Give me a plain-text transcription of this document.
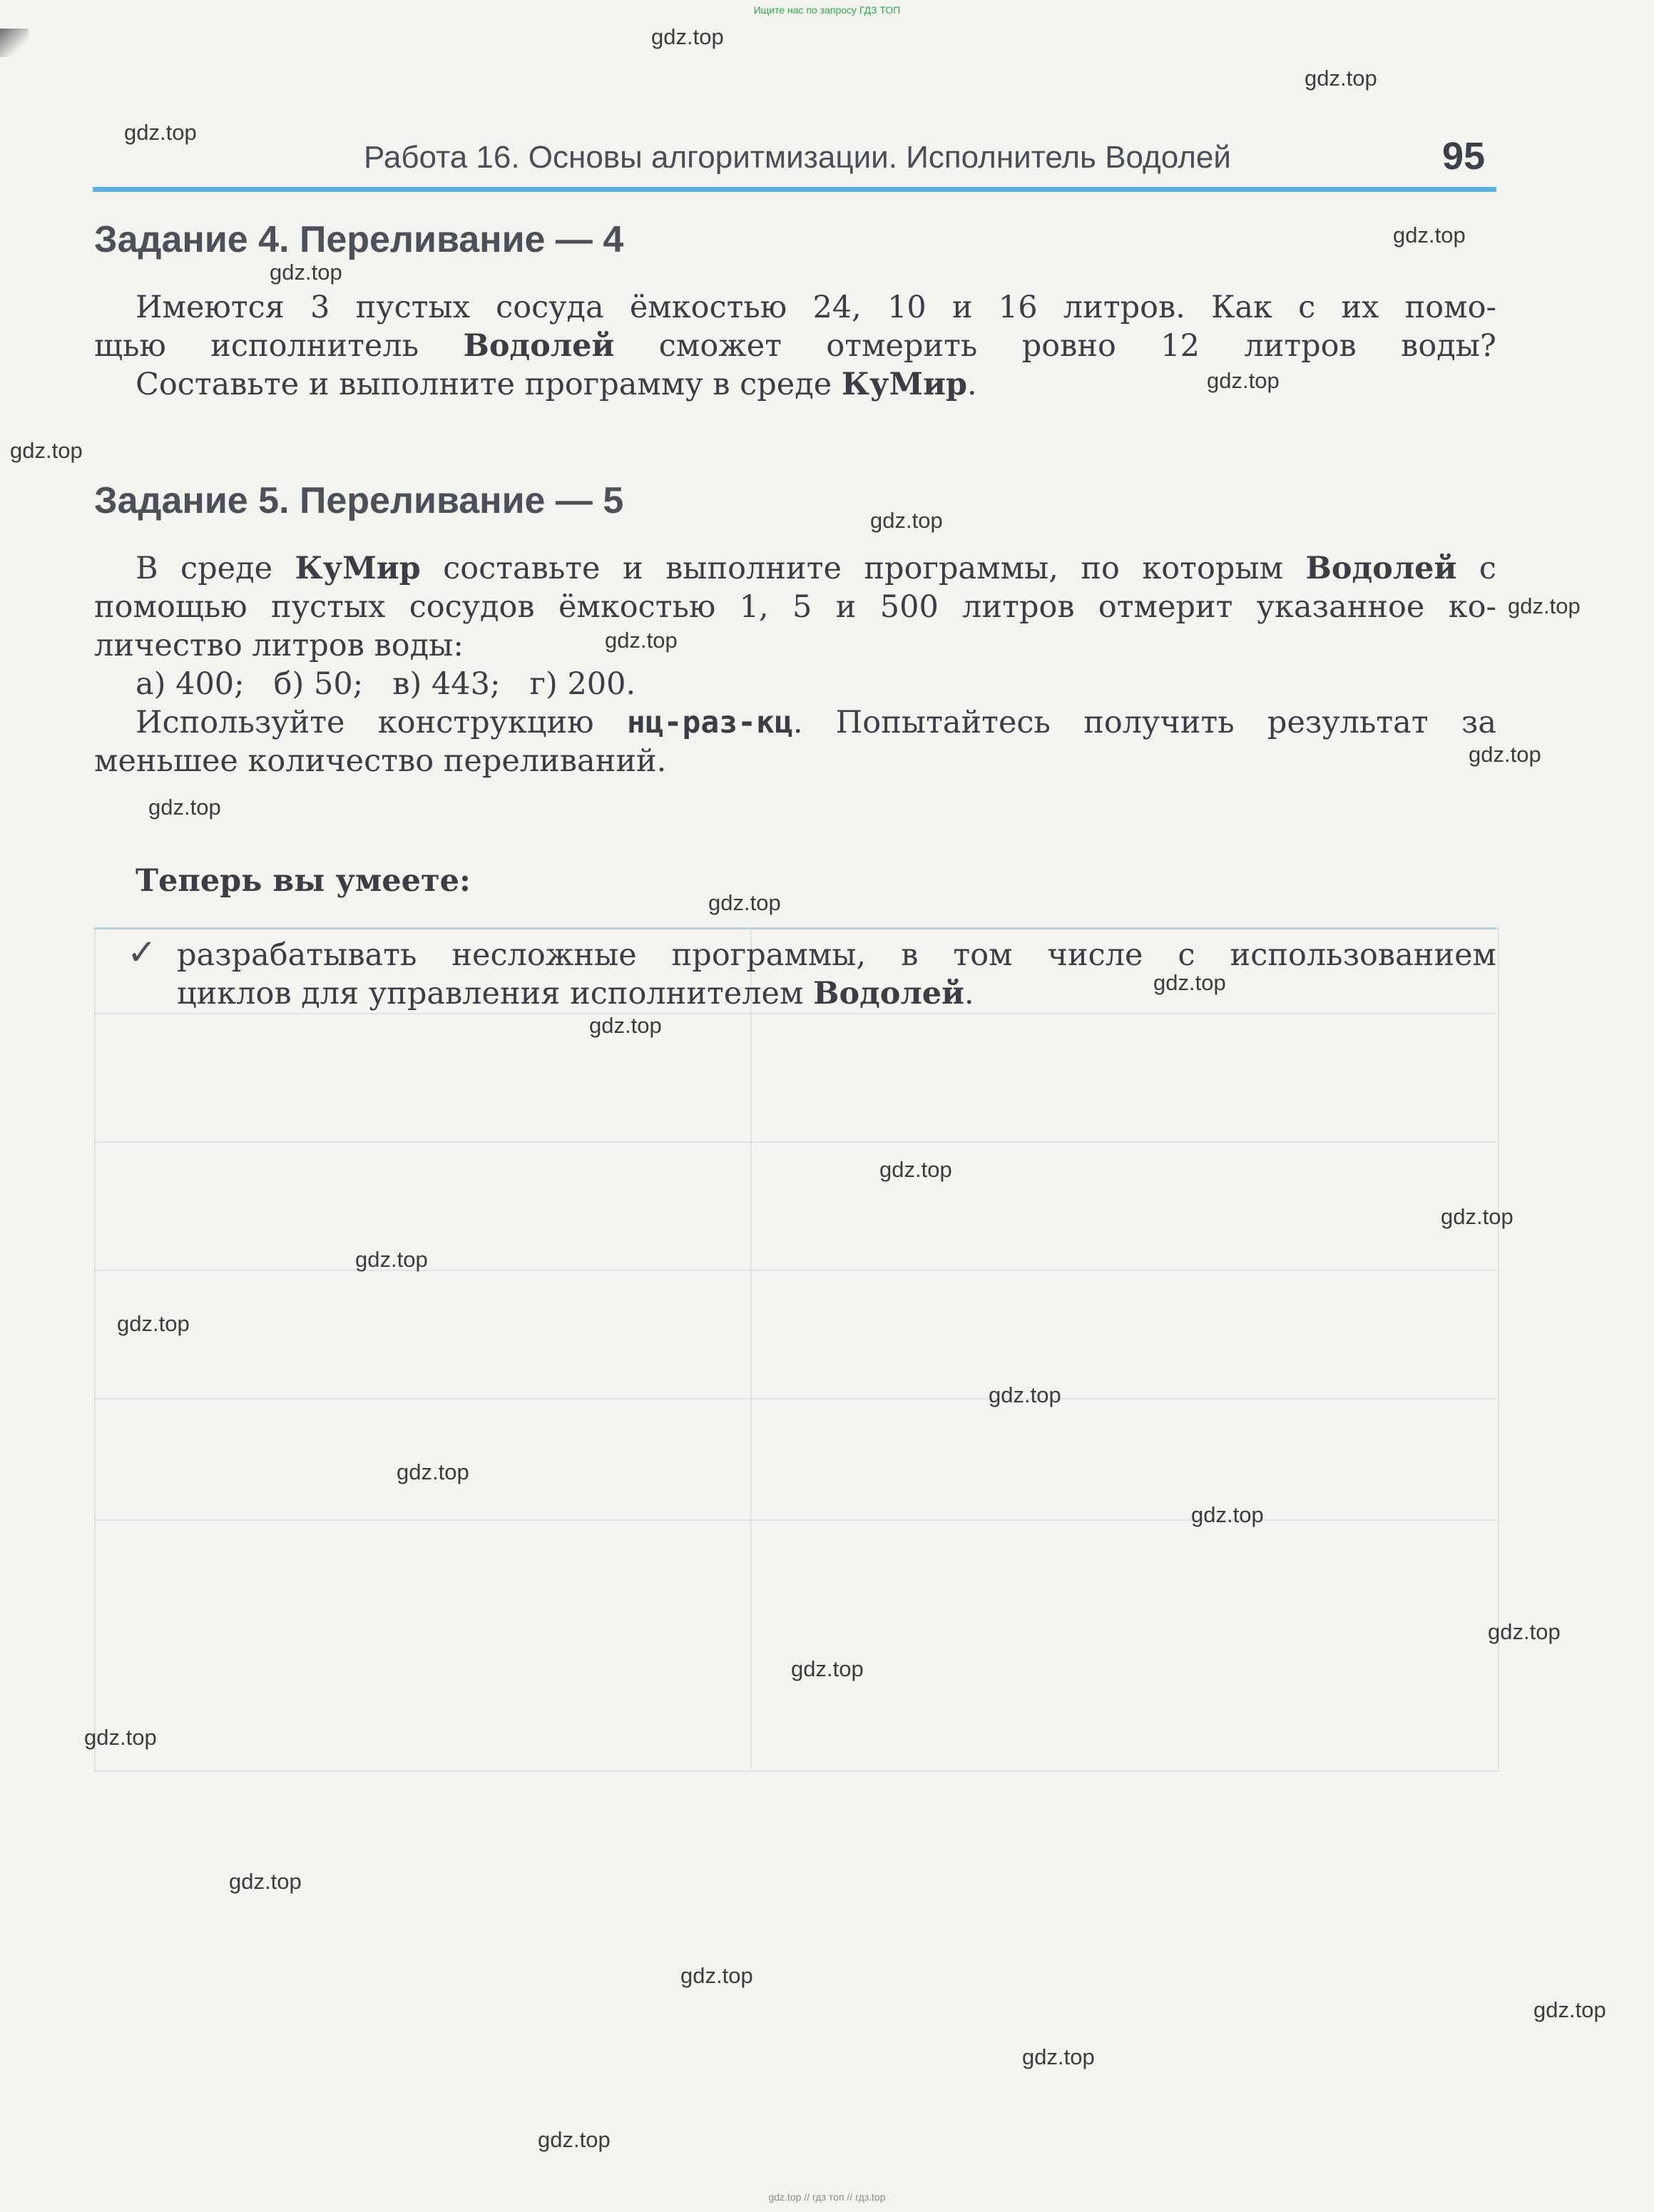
Ищите нас по запросу ГДЗ ТОП
Работа 16. Основы алгоритмизации. Исполнитель Водолей	95
Задание 4. Переливание — 4
Имеются 3 пустых сосуда ёмкостью 24, 10 и 16 литров. Как с их помо-
щью исполнитель Водолей сможет отмерить ровно 12 литров воды?
Составьте и выполните программу в среде КуМир.
Задание 5. Переливание — 5
В среде КуМир составьте и выполните программы, по которым Водолей с
помощью пустых сосудов ёмкостью 1, 5 и 500 литров отмерит указанное ко-
личество литров воды:
а) 400; б) 50; в) 443; г) 200.
Используйте конструкцию нц-раз-кц. Попытайтесь получить результат за
меньшее количество переливаний.
Теперь вы умеете:
✓ разрабатывать несложные программы, в том числе с использованием
циклов для управления исполнителем Водолей.
gdz.top
gdz.top
gdz.top
gdz.top
gdz.top
gdz.top
gdz.top
gdz.top
gdz.top
gdz.top
gdz.top
gdz.top
gdz.top
gdz.top
gdz.top
gdz.top
gdz.top
gdz.top
gdz.top
gdz.top
gdz.top
gdz.top
gdz.top
gdz.top
gdz.top
gdz.top
gdz.top
gdz.top
gdz.top
gdz.top
gdz.top // гдз топ // гдз.top
